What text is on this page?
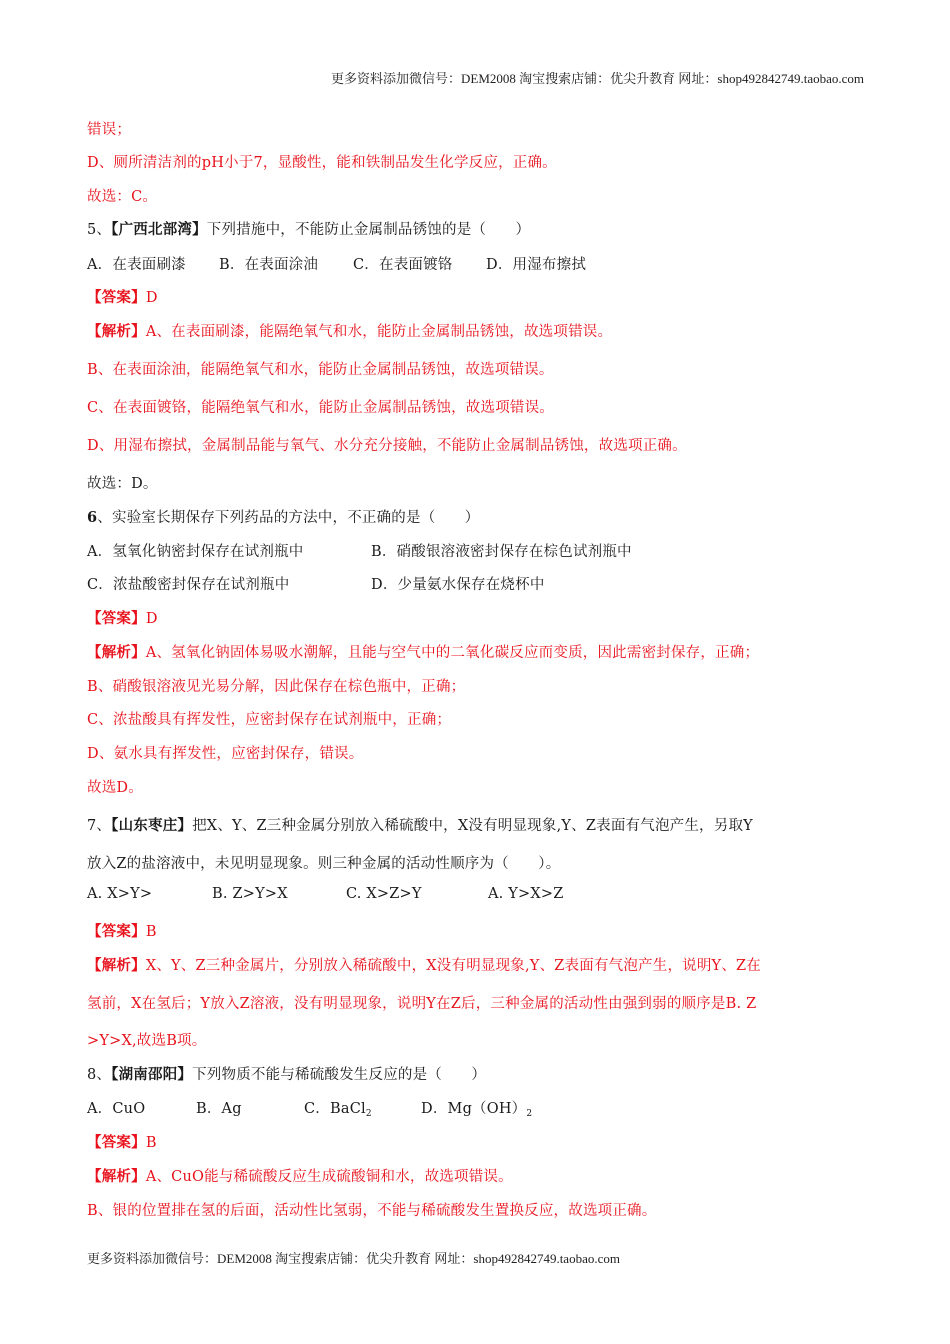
更多资料添加微信号：DEM2008 淘宝搜索店铺：优尖升教育 网址：shop492842749.taobao.com
错误；
D、厕所清洁剂的pH小于7，显酸性，能和铁制品发生化学反应，正确。
故选：C。
5、【广西北部湾】下列措施中，不能防止金属制品锈蚀的是（　　）
A．在表面刷漆 B．在表面涂油 C．在表面镀铬 D．用湿布擦拭
【答案】D
【解析】A、在表面刷漆，能隔绝氧气和水，能防止金属制品锈蚀，故选项错误。
B、在表面涂油，能隔绝氧气和水，能防止金属制品锈蚀，故选项错误。
C、在表面镀铬，能隔绝氧气和水，能防止金属制品锈蚀，故选项错误。
D、用湿布擦拭，金属制品能与氧气、水分充分接触，不能防止金属制品锈蚀，故选项正确。
故选：D。
6、实验室长期保存下列药品的方法中，不正确的是（　　）
A．氢氧化钠密封保存在试剂瓶中	B．硝酸银溶液密封保存在棕色试剂瓶中
C．浓盐酸密封保存在试剂瓶中	D．少量氨水保存在烧杯中
【答案】D
【解析】A、氢氧化钠固体易吸水潮解，且能与空气中的二氧化碳反应而变质，因此需密封保存，正确；
B、硝酸银溶液见光易分解，因此保存在棕色瓶中，正确；
C、浓盐酸具有挥发性，应密封保存在试剂瓶中，正确；
D、氨水具有挥发性，应密封保存，错误。
故选D。
7、【山东枣庄】把X、Y、Z三种金属分别放入稀硫酸中，X没有明显现象,Y、Z表面有气泡产生，另取Y
放入Z的盐溶液中，未见明显现象。则三种金属的活动性顺序为（　　）。
A. X>Y>	B. Z>Y>X	C. X>Z>Y	A. Y>X>Z
【答案】B
【解析】X、Y、Z三种金属片，分别放入稀硫酸中，X没有明显现象,Y、Z表面有气泡产生，说明Y、Z在
氢前，X在氢后；Y放入Z溶液，没有明显现象，说明Y在Z后，三种金属的活动性由强到弱的顺序是B. Z
>Y>X,故选B项。
8、【湖南邵阳】下列物质不能与稀硫酸发生反应的是（　　）
A．CuO	B．Ag	C．BaCl$_2$	D．$Mg(OH)_2$
【答案】B
【解析】A、CuO能与稀硫酸反应生成硫酸铜和水，故选项错误。
B、银的位置排在氢的后面，活动性比氢弱，不能与稀硫酸发生置换反应，故选项正确。
更多资料添加微信号：DEM2008 淘宝搜索店铺：优尖升教育 网址：shop492842749.taobao.com
